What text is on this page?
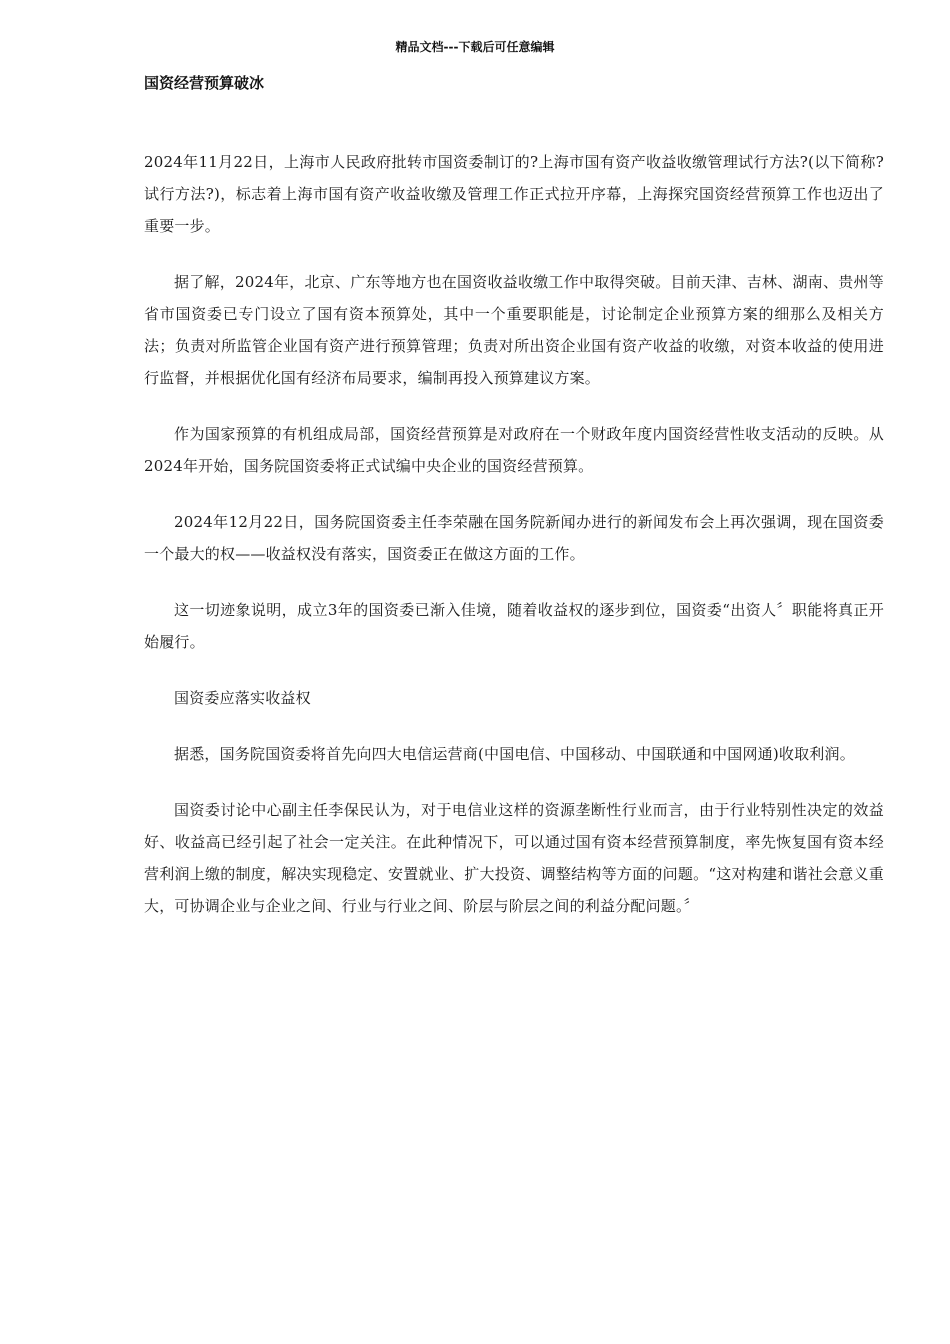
精品文档---下载后可任意编辑
国资经营预算破冰

2024年11月22日，上海市人民政府批转市国资委制订的?上海市国有资产收益收缴管理试行方法?(以下简称?试行方法?)，标志着上海市国有资产收益收缴及管理工作正式拉开序幕，上海探究国资经营预算工作也迈出了重要一步。

据了解，2024年，北京、广东等地方也在国资收益收缴工作中取得突破。目前天津、吉林、湖南、贵州等省市国资委已专门设立了国有资本预算处，其中一个重要职能是，讨论制定企业预算方案的细那么及相关方法；负责对所监管企业国有资产进行预算管理；负责对所出资企业国有资产收益的收缴，对资本收益的使用进行监督，并根据优化国有经济布局要求，编制再投入预算建议方案。

作为国家预算的有机组成局部，国资经营预算是对政府在一个财政年度内国资经营性收支活动的反映。从2024年开始，国务院国资委将正式试编中央企业的国资经营预算。

2024年12月22日，国务院国资委主任李荣融在国务院新闻办进行的新闻发布会上再次强调，现在国资委一个最大的权——收益权没有落实，国资委正在做这方面的工作。

这一切迹象说明，成立3年的国资委已渐入佳境，随着收益权的逐步到位，国资委“出资人〞职能将真正开始履行。

国资委应落实收益权

据悉，国务院国资委将首先向四大电信运营商(中国电信、中国移动、中国联通和中国网通)收取利润。

国资委讨论中心副主任李保民认为，对于电信业这样的资源垄断性行业而言，由于行业特别性决定的效益好、收益高已经引起了社会一定关注。在此种情况下，可以通过国有资本经营预算制度，率先恢复国有资本经营利润上缴的制度，解决实现稳定、安置就业、扩大投资、调整结构等方面的问题。“这对构建和谐社会意义重大，可协调企业与企业之间、行业与行业之间、阶层与阶层之间的利益分配问题。〞
